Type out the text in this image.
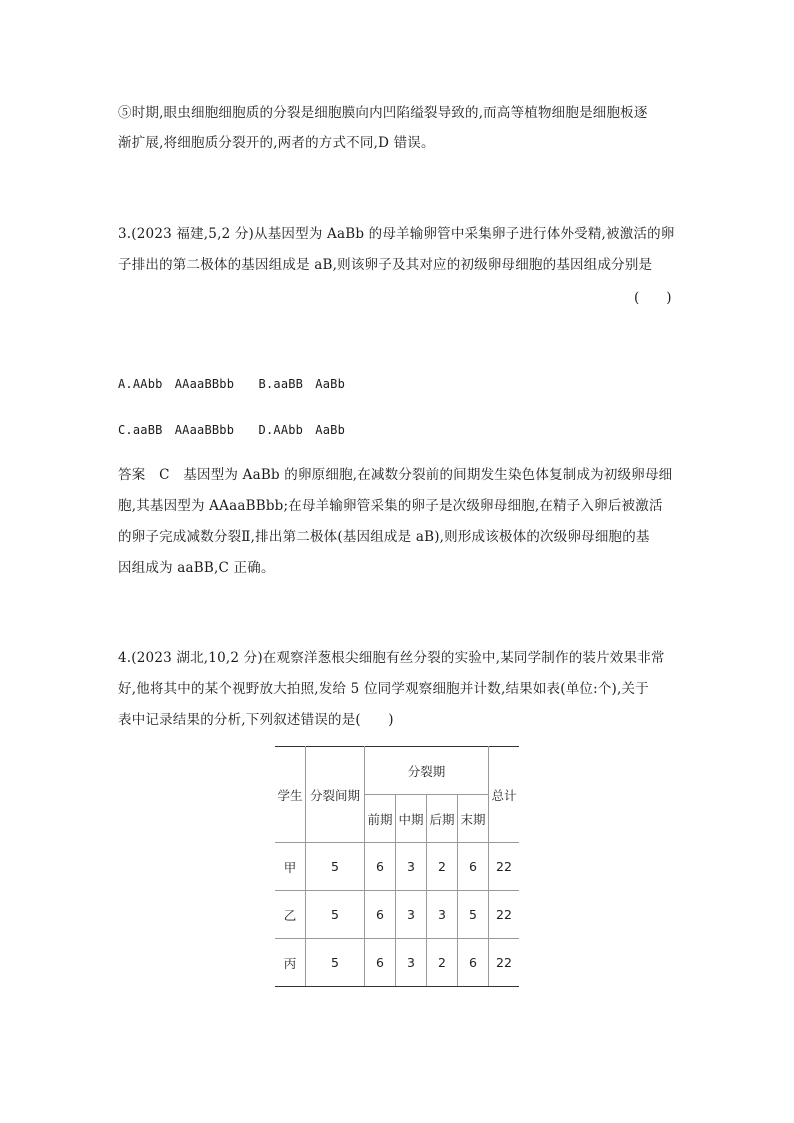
⑤时期,眼虫细胞细胞质的分裂是细胞膜向内凹陷缢裂导致的,而高等植物细胞是细胞板逐
渐扩展,将细胞质分裂开的,两者的方式不同,D 错误。
3.(2023 福建,5,2 分)从基因型为 AaBb 的母羊输卵管中采集卵子进行体外受精,被激活的卵
子排出的第二极体的基因组成是 aB,则该卵子及其对应的初级卵母细胞的基因组成分别是
(　　)
A.AAbb　AAaaBBbb　　B.aaBB　AaBb
C.aaBB　AAaaBBbb　　D.AAbb　AaBb
答案　C　基因型为 AaBb 的卵原细胞,在减数分裂前的间期发生染色体复制成为初级卵母细
胞,其基因型为 AAaaBBbb;在母羊输卵管采集的卵子是次级卵母细胞,在精子入卵后被激活
的卵子完成减数分裂Ⅱ,排出第二极体(基因组成是 aB),则形成该极体的次级卵母细胞的基
因组成为 aaBB,C 正确。
4.(2023 湖北,10,2 分)在观察洋葱根尖细胞有丝分裂的实验中,某同学制作的装片效果非常
好,他将其中的某个视野放大拍照,发给 5 位同学观察细胞并计数,结果如表(单位:个),关于
表中记录结果的分析,下列叙述错误的是(　　)
学生	分裂间期	分裂期				总计
		前期	中期	后期	末期	
甲	5	6	3	2	6	22
乙	5	6	3	3	5	22
丙	5	6	3	2	6	22
